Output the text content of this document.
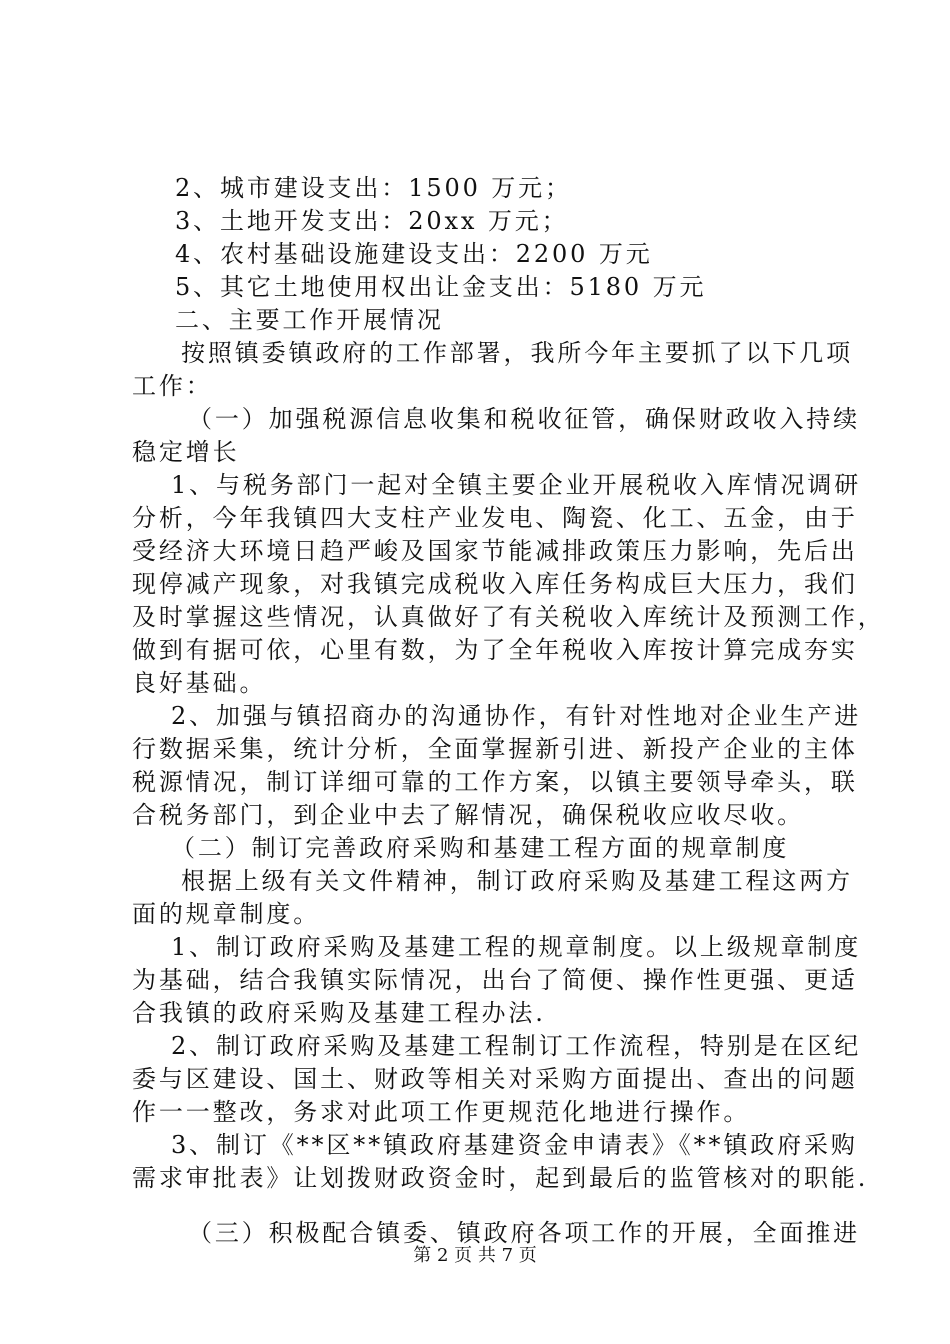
2、城市建设支出：1500 万元；
3、土地开发支出：20xx 万元；
4、农村基础设施建设支出：2200 万元
5、其它土地使用权出让金支出：5180 万元
二、主要工作开展情况
按照镇委镇政府的工作部署，我所今年主要抓了以下几项
工作：
（一）加强税源信息收集和税收征管，确保财政收入持续
稳定增长
1、与税务部门一起对全镇主要企业开展税收入库情况调研
分析，今年我镇四大支柱产业发电、陶瓷、化工、五金，由于
受经济大环境日趋严峻及国家节能减排政策压力影响，先后出
现停减产现象，对我镇完成税收入库任务构成巨大压力，我们
及时掌握这些情况，认真做好了有关税收入库统计及预测工作，
做到有据可依，心里有数，为了全年税收入库按计算完成夯实
良好基础。
2、加强与镇招商办的沟通协作，有针对性地对企业生产进
行数据采集，统计分析，全面掌握新引进、新投产企业的主体
税源情况，制订详细可靠的工作方案，以镇主要领导牵头，联
合税务部门，到企业中去了解情况，确保税收应收尽收。
（二）制订完善政府采购和基建工程方面的规章制度
根据上级有关文件精神，制订政府采购及基建工程这两方
面的规章制度。
1、制订政府采购及基建工程的规章制度。以上级规章制度
为基础，结合我镇实际情况，出台了简便、操作性更强、更适
合我镇的政府采购及基建工程办法.
2、制订政府采购及基建工程制订工作流程，特别是在区纪
委与区建设、国土、财政等相关对采购方面提出、查出的问题
作一一整改，务求对此项工作更规范化地进行操作。
3、制订《**区**镇政府基建资金申请表》《**镇政府采购
需求审批表》让划拨财政资金时，起到最后的监管核对的职能.
（三）积极配合镇委、镇政府各项工作的开展，全面推进
第 2 页 共 7 页
